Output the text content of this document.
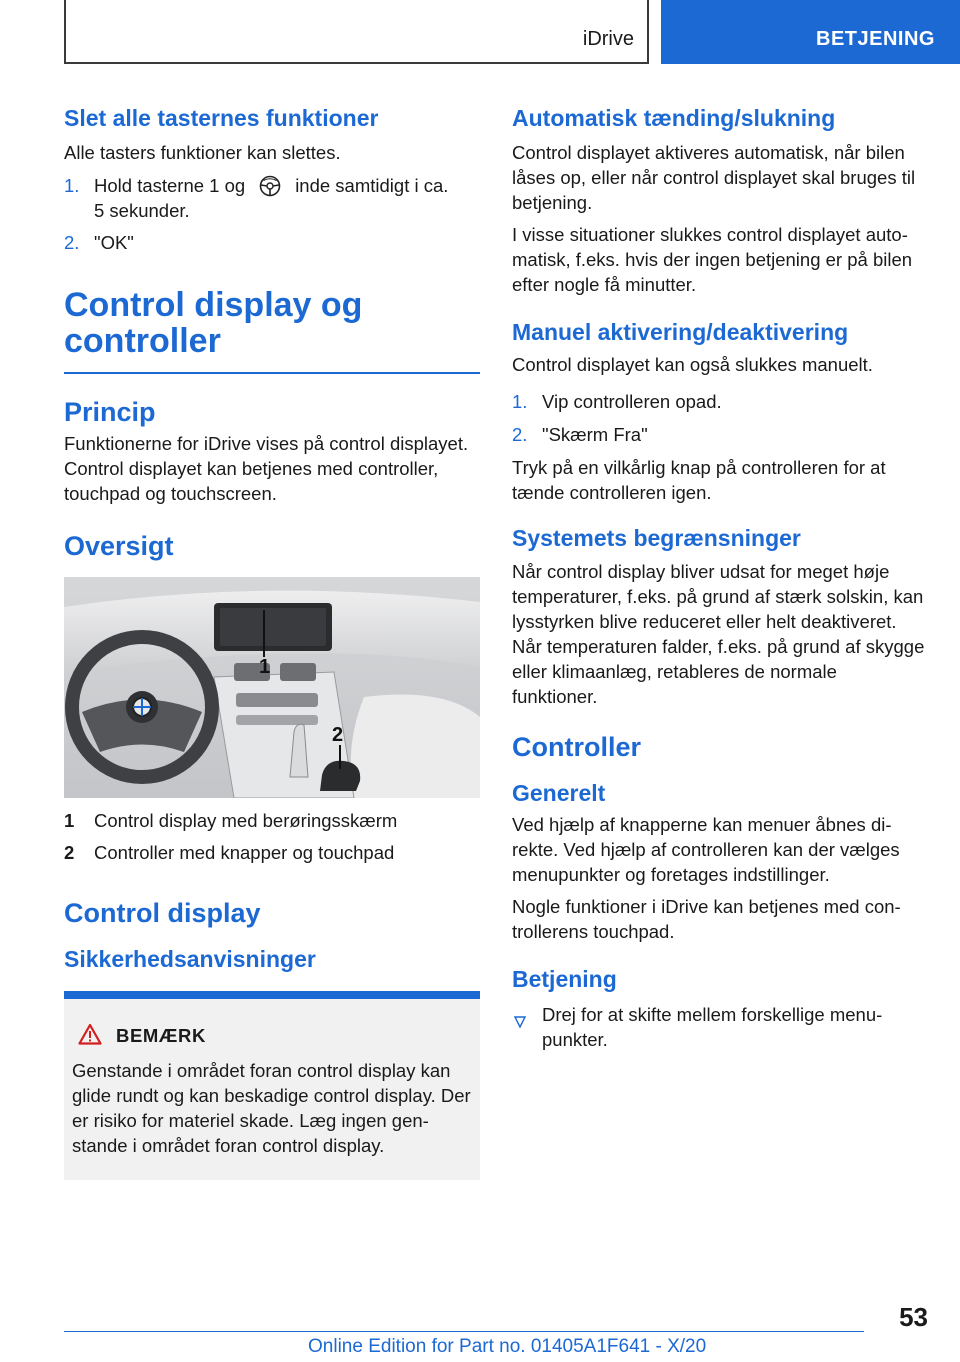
iDrive	BETJENING
Slet alle tasternes funktioner
Alle tasters funktioner kan slettes.
1. Hold tasterne 1 og	inde samtidigt i ca.
5 sekunder.
2. "OK"
Control display og
controller
Princip
Funktionerne for iDrive vises på control displayet. Control displayet kan betjenes med controller, touchpad og touchscreen.
Oversigt
1
2
1 Control display med berøringsskærm
2 Controller med knapper og touchpad
Control display
Sikkerhedsanvisninger
BEMÆRK
Genstande i området foran control display kan glide rundt og kan beskadige control display. Der er risiko for materiel skade. Læg ingen genstande i området foran control display.
Automatisk tænding/slukning
Control displayet aktiveres automatisk, når bilen låses op, eller når control displayet skal bruges til betjening.
I visse situationer slukkes control displayet automatisk, f.eks. hvis der ingen betjening er på bilen efter nogle få minutter.
Manuel aktivering/deaktivering
Control displayet kan også slukkes manuelt.
1. Vip controlleren opad.
2. "Skærm Fra"
Tryk på en vilkårlig knap på controlleren for at tænde controlleren igen.
Systemets begrænsninger
Når control display bliver udsat for meget høje temperaturer, f.eks. på grund af stærk solskin, kan lysstyrken blive reduceret eller helt deaktiveret. Når temperaturen falder, f.eks. på grund af skygge eller klimaanlæg, retableres de normale funktioner.
Controller
Generelt
Ved hjælp af knapperne kan menuer åbnes direkte. Ved hjælp af controlleren kan der vælges menupunkter og foretages indstillinger.
Nogle funktioner i iDrive kan betjenes med controllerens touchpad.
Betjening
Drej for at skifte mellem forskellige menupunkter.
53
Online Edition for Part no. 01405A1F641 - X/20
